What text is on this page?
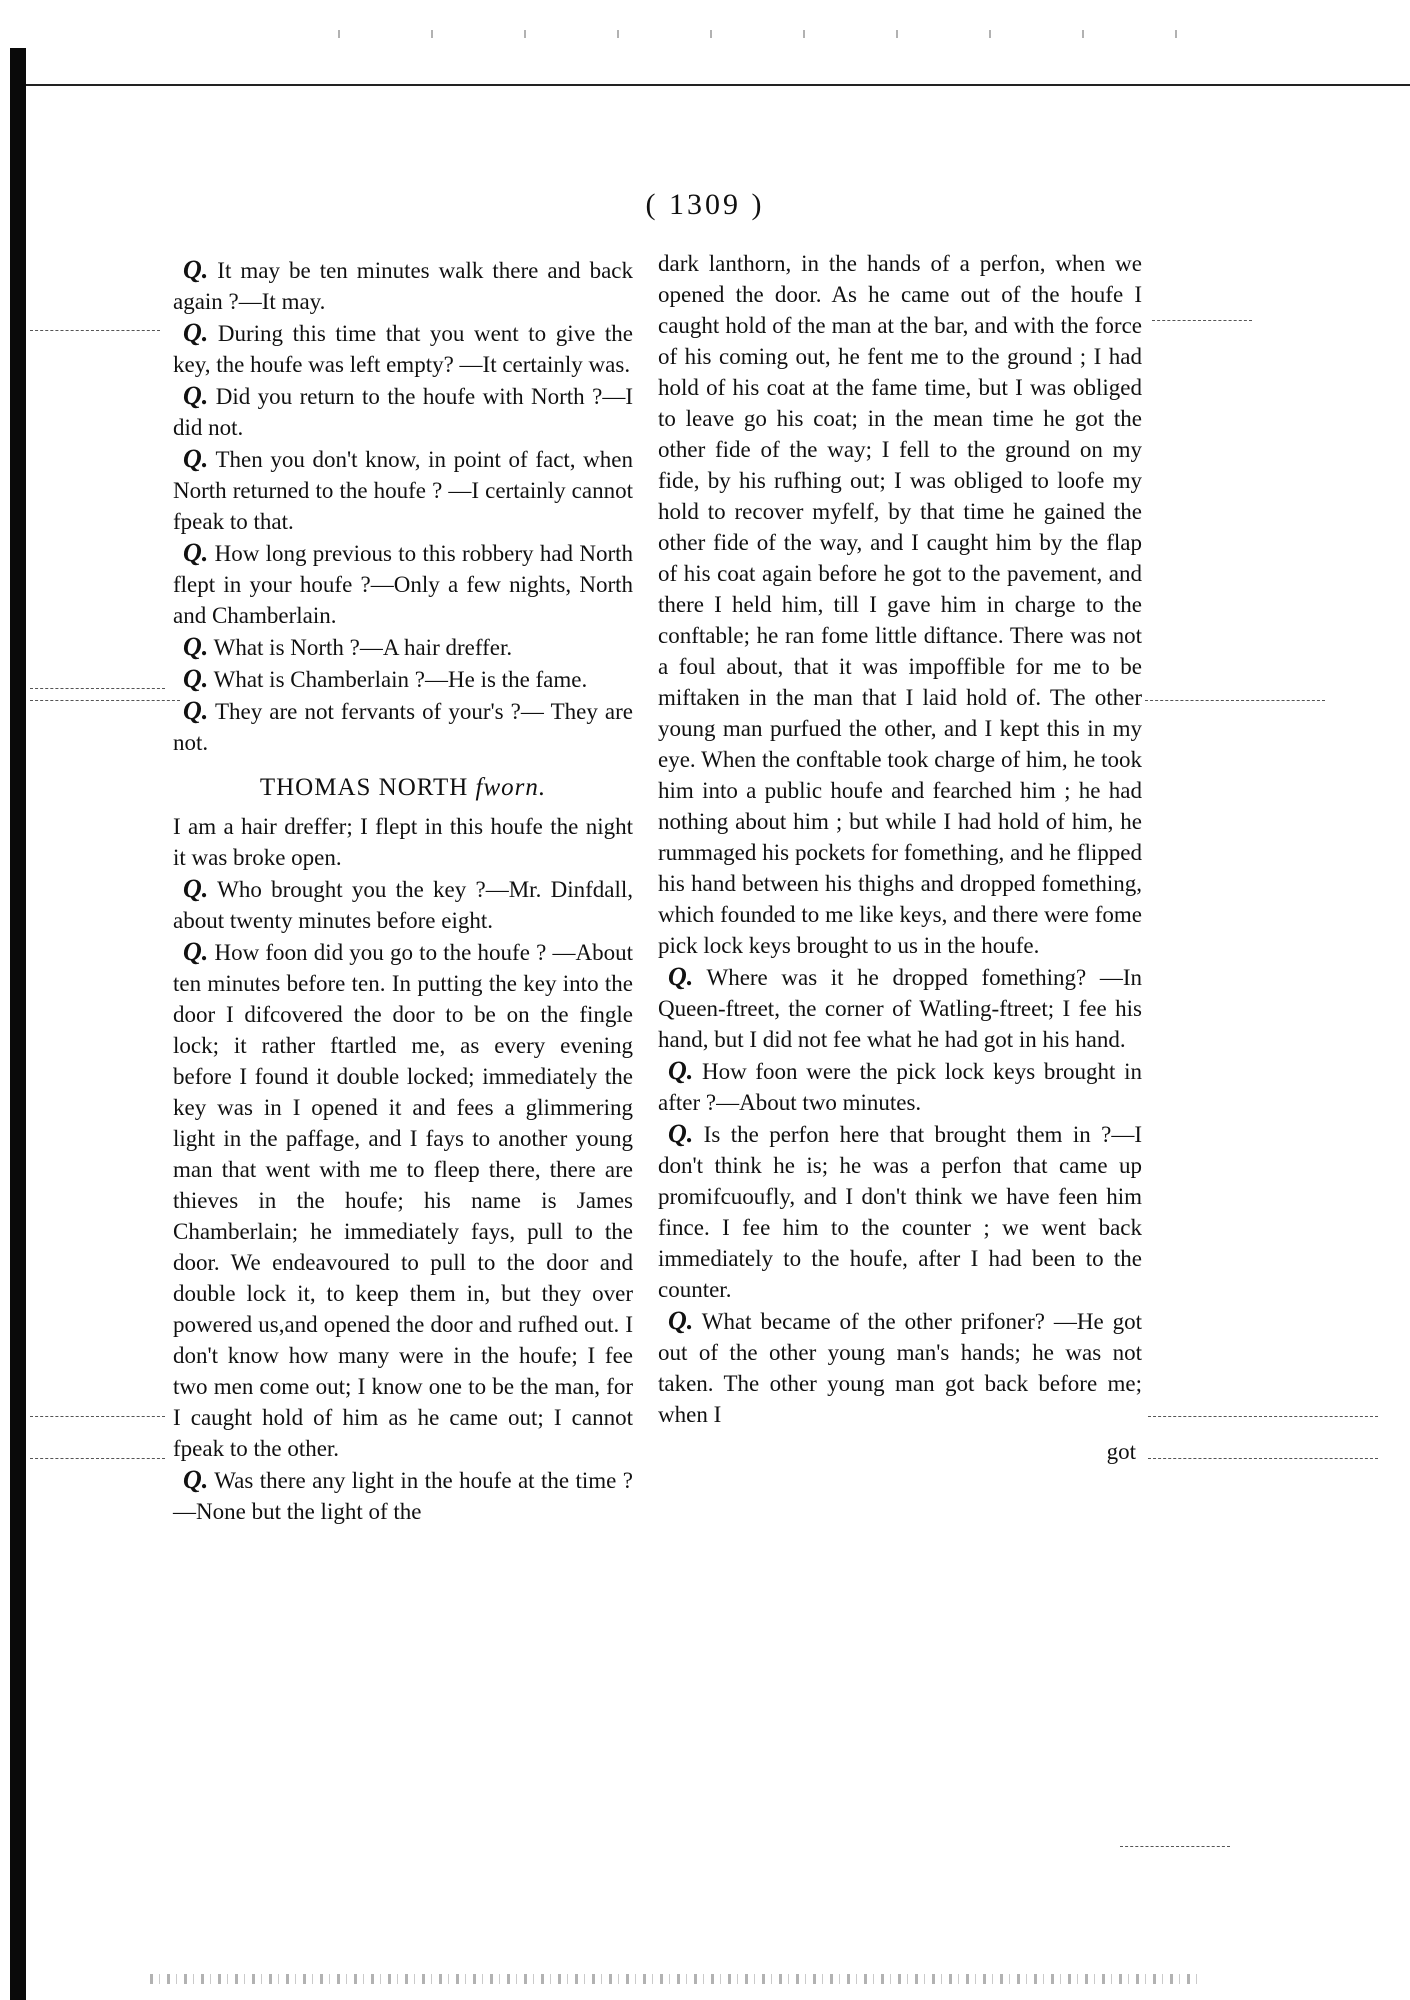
( 1309 )

Q. It may be ten minutes walk there and back again ?—It may.

Q. During this time that you went to give the key, the houfe was left empty? —It certainly was.

Q. Did you return to the houfe with North ?—I did not.

Q. Then you don't know, in point of fact, when North returned to the houfe ? —I certainly cannot fpeak to that.

Q. How long previous to this robbery had North flept in your houfe ?—Only a few nights, North and Chamberlain.

Q. What is North ?—A hair dreffer.

Q. What is Chamberlain ?—He is the fame.

Q. They are not fervants of your's ?— They are not.

THOMAS NORTH fworn.

I am a hair dreffer; I flept in this houfe the night it was broke open.

Q. Who brought you the key ?—Mr. Dinfdall, about twenty minutes before eight.

Q. How foon did you go to the houfe ? —About ten minutes before ten. In putting the key into the door I difcovered the door to be on the fingle lock; it rather ftartled me, as every evening before I found it double locked; immediately the key was in I opened it and fees a glimmering light in the paffage, and I fays to another young man that went with me to fleep there, there are thieves in the houfe; his name is James Chamberlain; he immediately fays, pull to the door. We endeavoured to pull to the door and double lock it, to keep them in, but they over powered us,and opened the door and rufhed out. I don't know how many were in the houfe; I fee two men come out; I know one to be the man, for I caught hold of him as he came out; I cannot fpeak to the other.

Q. Was there any light in the houfe at the time ?—None but the light of the

dark lanthorn, in the hands of a perfon, when we opened the door. As he came out of the houfe I caught hold of the man at the bar, and with the force of his coming out, he fent me to the ground ; I had hold of his coat at the fame time, but I was obliged to leave go his coat; in the mean time he got the other fide of the way; I fell to the ground on my fide, by his rufhing out; I was obliged to loofe my hold to recover myfelf, by that time he gained the other fide of the way, and I caught him by the flap of his coat again before he got to the pavement, and there I held him, till I gave him in charge to the conftable; he ran fome little diftance. There was not a foul about, that it was impoffible for me to be miftaken in the man that I laid hold of. The other young man purfued the other, and I kept this in my eye. When the conftable took charge of him, he took him into a public houfe and fearched him ; he had nothing about him ; but while I had hold of him, he rummaged his pockets for fomething, and he flipped his hand between his thighs and dropped fomething, which founded to me like keys, and there were fome pick lock keys brought to us in the houfe.

Q. Where was it he dropped fomething? —In Queen-ftreet, the corner of Watling-ftreet; I fee his hand, but I did not fee what he had got in his hand.

Q. How foon were the pick lock keys brought in after ?—About two minutes.

Q. Is the perfon here that brought them in ?—I don't think he is; he was a perfon that came up promifcuoufly, and I don't think we have feen him fince. I fee him to the counter ; we went back immediately to the houfe, after I had been to the counter.

Q. What became of the other prifoner? —He got out of the other young man's hands; he was not taken. The other young man got back before me; when I

got
